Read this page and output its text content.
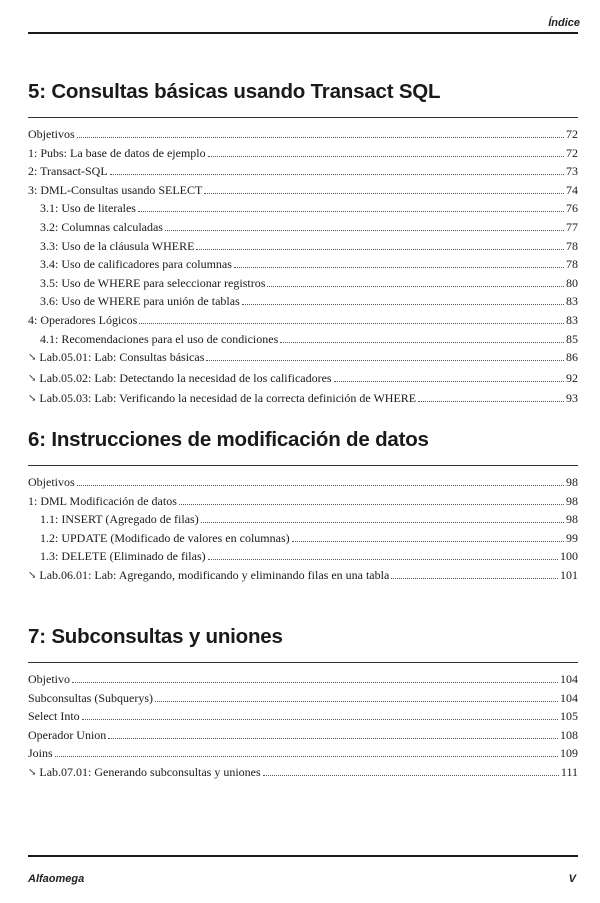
Índice
5: Consultas básicas usando Transact SQL
Objetivos	72
1: Pubs: La base de datos de ejemplo	72
2: Transact-SQL	73
3: DML-Consultas usando SELECT	74
3.1: Uso de literales	76
3.2: Columnas calculadas	77
3.3: Uso de la cláusula WHERE	78
3.4: Uso de calificadores para columnas	78
3.5: Uso de WHERE para seleccionar registros	80
3.6: Uso de WHERE para unión de tablas	83
4: Operadores Lógicos	83
4.1: Recomendaciones para el uso de condiciones	85
↘ Lab.05.01: Lab: Consultas básicas	86
↘ Lab.05.02: Lab: Detectando la necesidad de los calificadores	92
↘ Lab.05.03: Lab: Verificando la necesidad de la correcta definición de WHERE	93
6: Instrucciones de modificación de datos
Objetivos	98
1: DML Modificación de datos	98
1.1: INSERT (Agregado de filas)	98
1.2: UPDATE (Modificado de valores en columnas)	99
1.3: DELETE (Eliminado de filas)	100
↘ Lab.06.01: Lab: Agregando, modificando y eliminando filas en una tabla	101
7: Subconsultas y uniones
Objetivo	104
Subconsultas (Subquerys)	104
Select Into	105
Operador Union	108
Joins	109
↘ Lab.07.01: Generando subconsultas y uniones	111
Alfaomega	V
